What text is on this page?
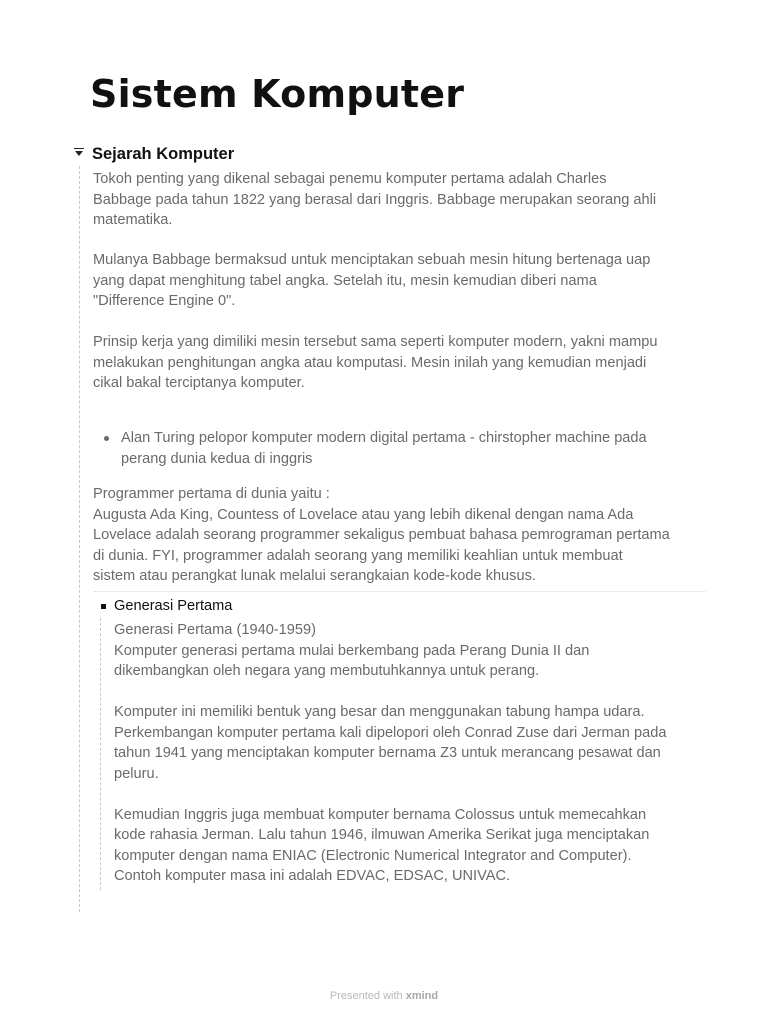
Sistem Komputer
Sejarah Komputer

Tokoh penting yang dikenal sebagai penemu komputer pertama adalah Charles

Babbage pada tahun 1822 yang berasal dari Inggris. Babbage merupakan seorang ahli

matematika.

Mulanya Babbage bermaksud untuk menciptakan sebuah mesin hitung bertenaga uap

yang dapat menghitung tabel angka. Setelah itu, mesin kemudian diberi nama

"Difference Engine 0".

Prinsip kerja yang dimiliki mesin tersebut sama seperti komputer modern, yakni mampu

melakukan penghitungan angka atau komputasi. Mesin inilah yang kemudian menjadi

cikal bakal terciptanya komputer.

Alan Turing pelopor komputer modern digital pertama - chirstopher machine pada
perang dunia kedua di inggris

Programmer pertama di dunia yaitu :

Augusta Ada King, Countess of Lovelace atau yang lebih dikenal dengan nama Ada

Lovelace adalah seorang programmer sekaligus pembuat bahasa pemrograman pertama

di dunia. FYI, programmer adalah seorang yang memiliki keahlian untuk membuat

sistem atau perangkat lunak melalui serangkaian kode-kode khusus.

Generasi Pertama

Generasi Pertama (1940-1959)

Komputer generasi pertama mulai berkembang pada Perang Dunia II dan

dikembangkan oleh negara yang membutuhkannya untuk perang.

Komputer ini memiliki bentuk yang besar dan menggunakan tabung hampa udara.

Perkembangan komputer pertama kali dipelopori oleh Conrad Zuse dari Jerman pada

tahun 1941 yang menciptakan komputer bernama Z3 untuk merancang pesawat dan

peluru.

Kemudian Inggris juga membuat komputer bernama Colossus untuk memecahkan

kode rahasia Jerman. Lalu tahun 1946, ilmuwan Amerika Serikat juga menciptakan

komputer dengan nama ENIAC (Electronic Numerical Integrator and Computer).

Contoh komputer masa ini adalah EDVAC, EDSAC, UNIVAC.

Presented with xmind
